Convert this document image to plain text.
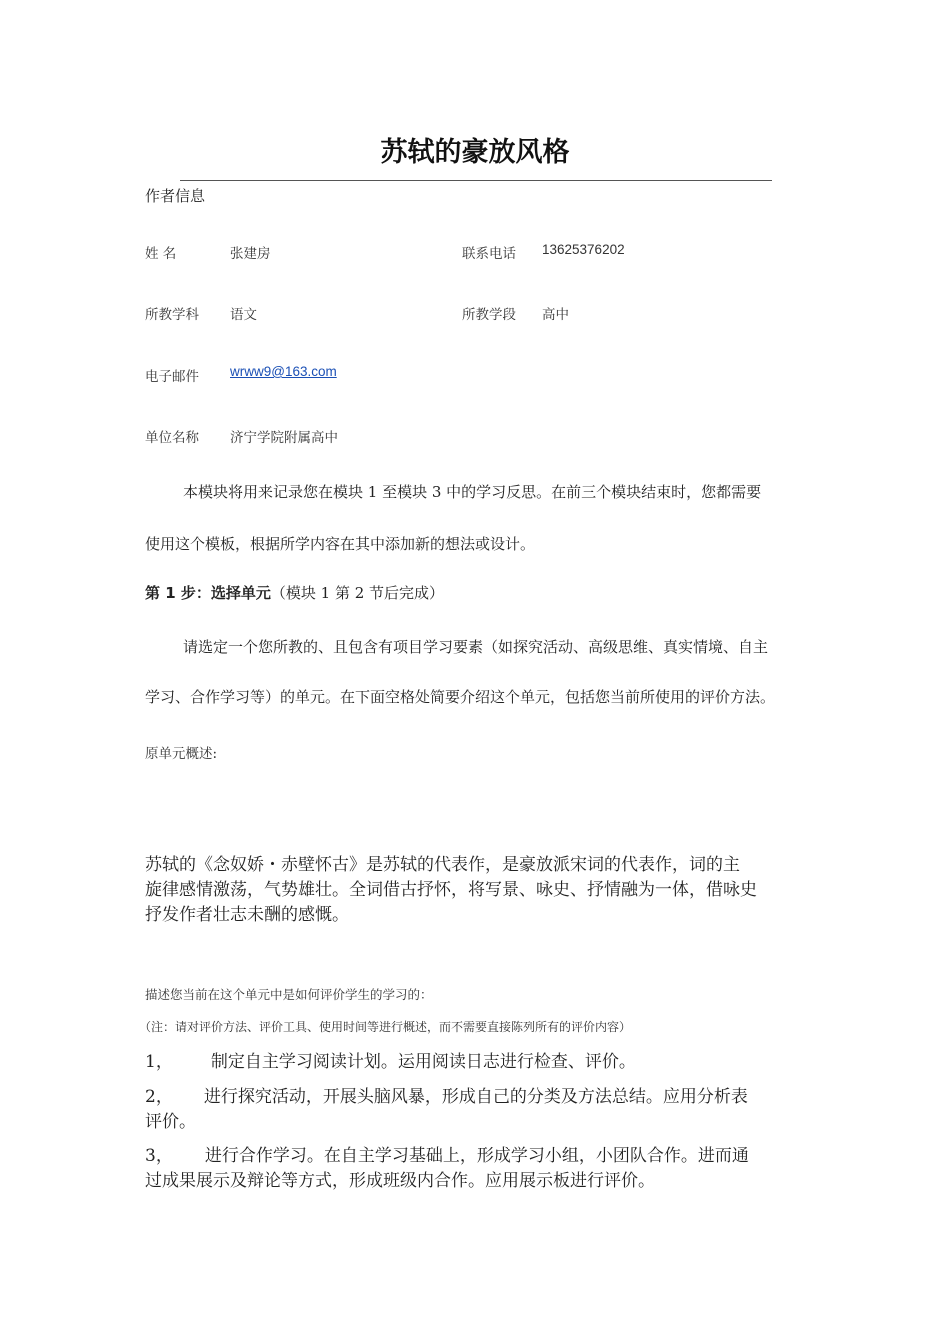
苏轼的豪放风格
作者信息
姓 名	张建房	联系电话 13625376202
所教学科 语文	所教学段 高中
电子邮件 wrww9@163.com
单位名称 济宁学院附属高中
本模块将用来记录您在模块 1 至模块 3 中的学习反思。在前三个模块结束时，您都需要
使用这个模板，根据所学内容在其中添加新的想法或设计。
第 1 步：选择单元（模块 1 第 2 节后完成）
请选定一个您所教的、且包含有项目学习要素（如探究活动、高级思维、真实情境、自主
学习、合作学习等）的单元。在下面空格处简要介绍这个单元，包括您当前所使用的评价方法。
原单元概述:
苏轼的《念奴娇・赤壁怀古》是苏轼的代表作，是豪放派宋词的代表作，词的主
旋律感情激荡，气势雄壮。全词借古抒怀，将写景、咏史、抒情融为一体，借咏史
抒发作者壮志未酬的感慨。
描述您当前在这个单元中是如何评价学生的学习的：
（注：请对评价方法、评价工具、使用时间等进行概述，而不需要直接陈列所有的评价内容）
1， 制定自主学习阅读计划。运用阅读日志进行检查、评价。
2， 进行探究活动，开展头脑风暴，形成自己的分类及方法总结。应用分析表
评价。
3， 进行合作学习。在自主学习基础上，形成学习小组，小团队合作。进而通
过成果展示及辩论等方式，形成班级内合作。应用展示板进行评价。
